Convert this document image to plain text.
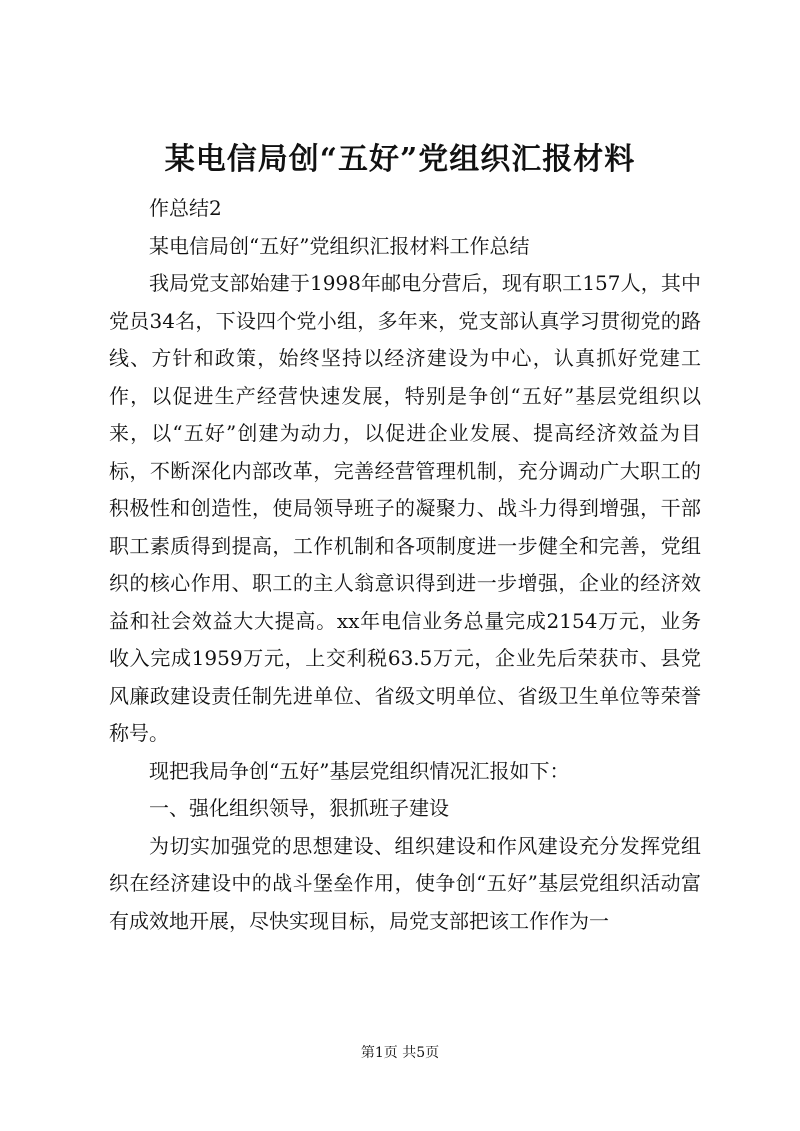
某电信局创“五好”党组织汇报材料

作总结2

某电信局创“五好”党组织汇报材料工作总结

我局党支部始建于1998年邮电分营后，现有职工157人，其中党员34名，下设四个党小组，多年来，党支部认真学习贯彻党的路线、方针和政策，始终坚持以经济建设为中心，认真抓好党建工作，以促进生产经营快速发展，特别是争创“五好”基层党组织以来，以“五好”创建为动力，以促进企业发展、提高经济效益为目标，不断深化内部改革，完善经营管理机制，充分调动广大职工的积极性和创造性，使局领导班子的凝聚力、战斗力得到增强，干部职工素质得到提高，工作机制和各项制度进一步健全和完善，党组织的核心作用、职工的主人翁意识得到进一步增强，企业的经济效益和社会效益大大提高。xx年电信业务总量完成2154万元，业务收入完成1959万元，上交利税63.5万元，企业先后荣获市、县党风廉政建设责任制先进单位、省级文明单位、省级卫生单位等荣誉称号。

现把我局争创“五好”基层党组织情况汇报如下：

一、强化组织领导，狠抓班子建设

为切实加强党的思想建设、组织建设和作风建设充分发挥党组织在经济建设中的战斗堡垒作用，使争创“五好”基层党组织活动富有成效地开展，尽快实现目标，局党支部把该工作作为一

第1页 共5页
